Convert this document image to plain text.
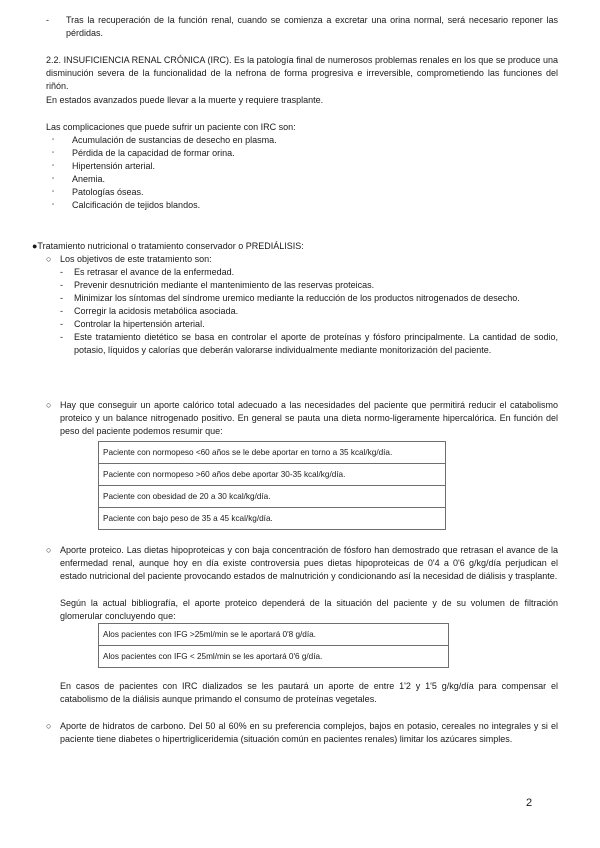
-	Tras la recuperación de la función renal, cuando se comienza a excretar una orina normal, será necesario reponer las pérdidas.
2.2. INSUFICIENCIA RENAL CRÓNICA (IRC). Es la patología final de numerosos problemas renales en los que se produce una disminución severa de la funcionalidad de la nefrona de forma progresiva e irreversible, comprometiendo las funciones del riñón.
En estados avanzados puede llevar a la muerte y requiere trasplante.
Las complicaciones que puede sufrir un paciente con IRC son:
▫	Acumulación de sustancias de desecho en plasma.
▫	Pérdida de la capacidad de formar orina.
▫	Hipertensión arterial.
▫	Anemia.
▫	Patologías óseas.
▫	Calcificación de tejidos blandos.
●Tratamiento nutricional o tratamiento conservador o PREDIÁLISIS:
○ Los objetivos de este tratamiento son:
-	Es retrasar el avance de la enfermedad.
-	Prevenir desnutrición mediante el mantenimiento de las reservas proteicas.
-	Minimizar los síntomas del síndrome uremico mediante la reducción de los productos nitrogenados de desecho.
-	Corregir la acidosis metabólica asociada.
-	Controlar la hipertensión arterial.
-	Este tratamiento dietético se basa en controlar el aporte de proteínas y fósforo principalmente. La cantidad de sodio, potasio, líquidos y calorías que deberán valorarse individualmente mediante monitorización del paciente.
○ Hay que conseguir un aporte calórico total adecuado a las necesidades del paciente que permitirá reducir el catabolismo proteico y un balance nitrogenado positivo. En general se pauta una dieta normo-ligeramente hipercalórica. En función del peso del paciente podemos resumir que:
Paciente con normopeso <60 años se le debe aportar en torno a 35 kcal/kg/día.
Paciente con normopeso >60 años debe aportar 30-35 kcal/kg/día.
Paciente con obesidad de 20 a 30 kcal/kg/día.
Paciente con bajo peso de 35 a 45 kcal/kg/día.
○ Aporte proteico. Las dietas hipoproteicas y con baja concentración de fósforo han demostrado que retrasan el avance de la enfermedad renal, aunque hoy en día existe controversia pues dietas hipoproteicas de 0'4 a 0'6 g/kg/día perjudican el estado nutricional del paciente provocando estados de malnutrición y condicionando así la necesidad de diálisis y trasplante.
Según la actual bibliografía, el aporte proteico dependerá de la situación del paciente y de su volumen de filtración glomerular concluyendo que:
Alos pacientes con IFG >25ml/min se le aportará 0'8 g/día.
Alos pacientes con IFG < 25ml/min se les aportará 0'6 g/día.
En casos de pacientes con IRC dializados se les pautará un aporte de entre 1'2 y 1'5 g/kg/día para compensar el catabolismo de la diálisis aunque primando el consumo de proteínas vegetales.
○ Aporte de hidratos de carbono. Del 50 al 60% en su preferencia complejos, bajos en potasio, cereales no integrales y si el paciente tiene diabetes o hipertrigliceridemia (situación común en pacientes renales) limitar los azúcares simples.
2
